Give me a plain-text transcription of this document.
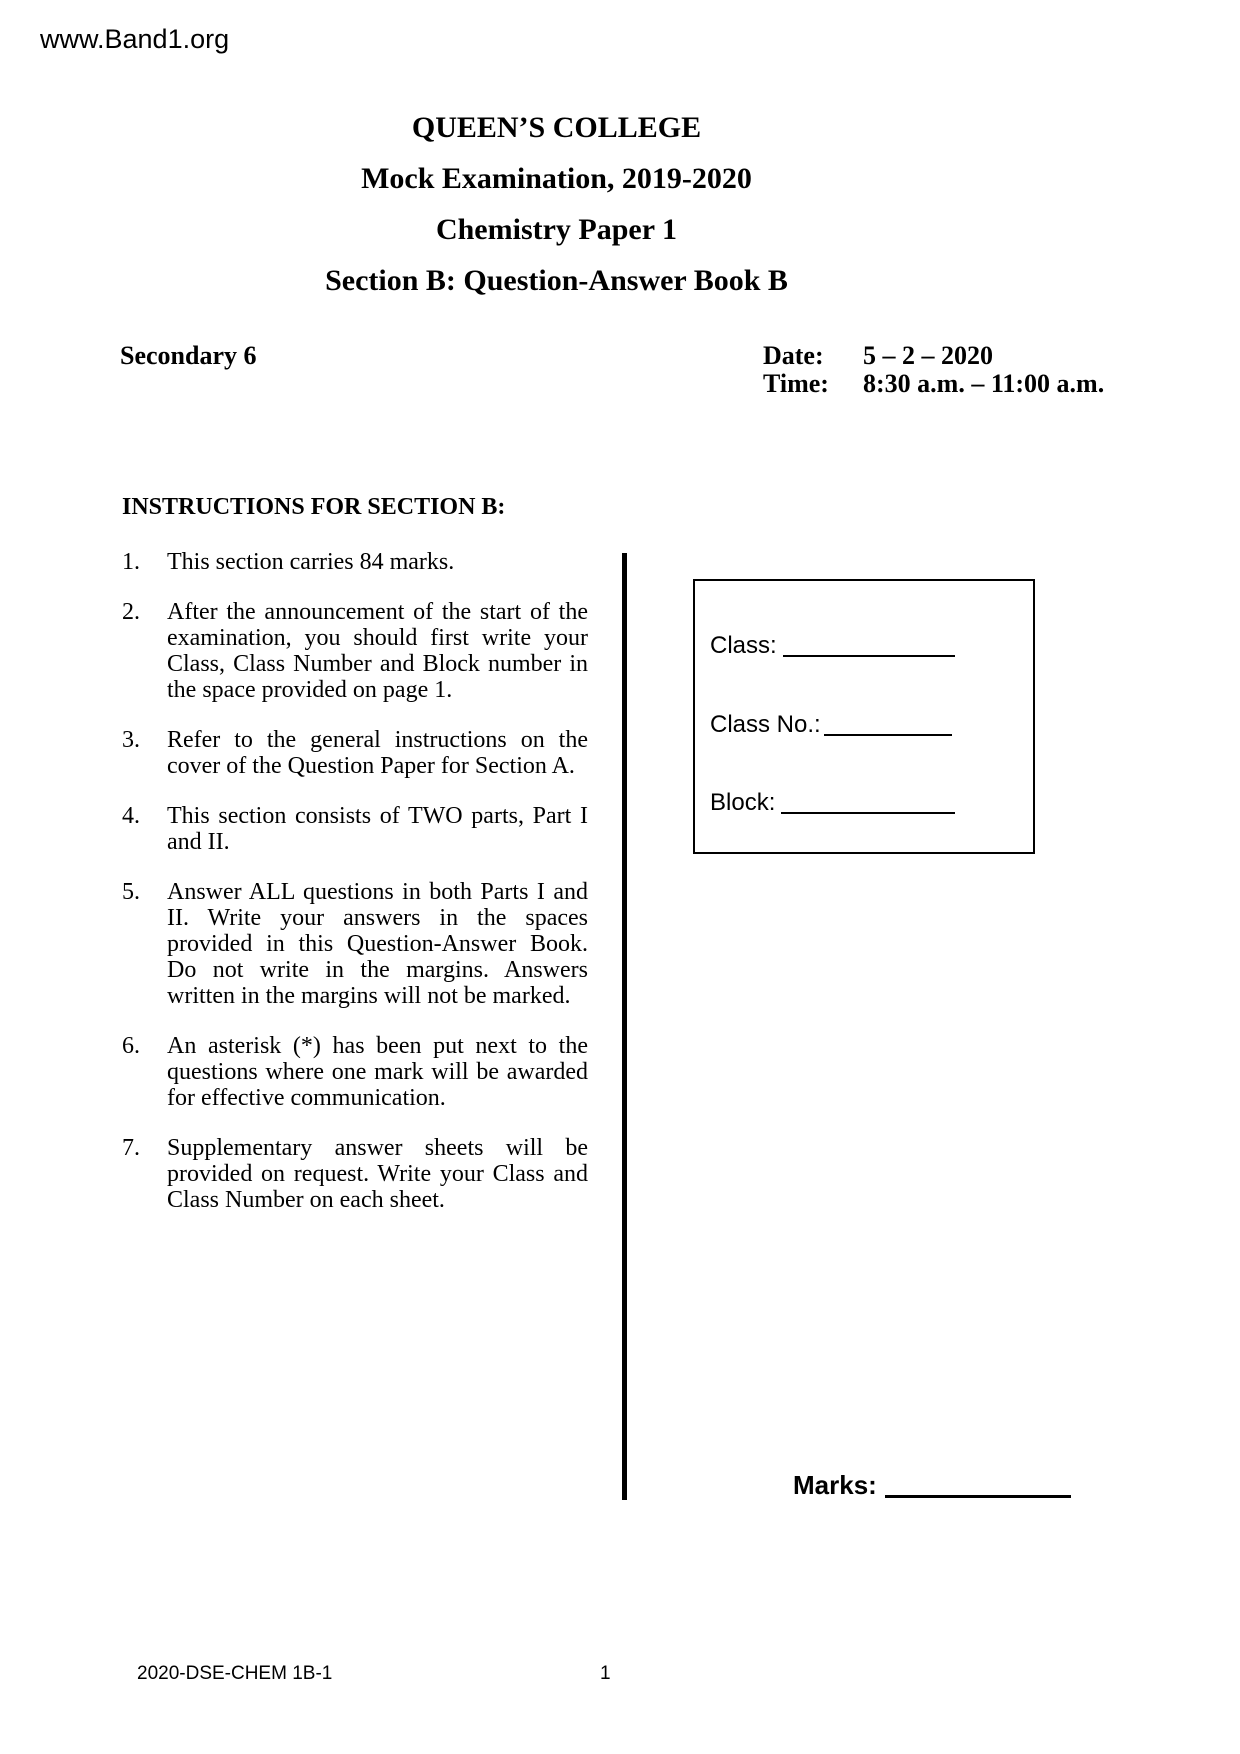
www.Band1.org
QUEEN’S COLLEGE
Mock Examination, 2019-2020
Chemistry Paper 1
Section B: Question-Answer Book B
Secondary 6	Date:	5 – 2 – 2020
Time:	8:30 a.m. – 11:00 a.m.
INSTRUCTIONS FOR SECTION B:
1.	This section carries 84 marks.
2.	After the announcement of the start of the examination, you should first write your Class, Class Number and Block number in the space provided on page 1.
3.	Refer to the general instructions on the cover of the Question Paper for Section A.
4.	This section consists of TWO parts, Part I and II.
5.	Answer ALL questions in both Parts I and II. Write your answers in the spaces provided in this Question-Answer Book. Do not write in the margins. Answers written in the margins will not be marked.
6.	An asterisk (*) has been put next to the questions where one mark will be awarded for effective communication.
7.	Supplementary answer sheets will be provided on request. Write your Class and Class Number on each sheet.
Class:
Class No.:
Block:
Marks:
2020-DSE-CHEM 1B-1	1
